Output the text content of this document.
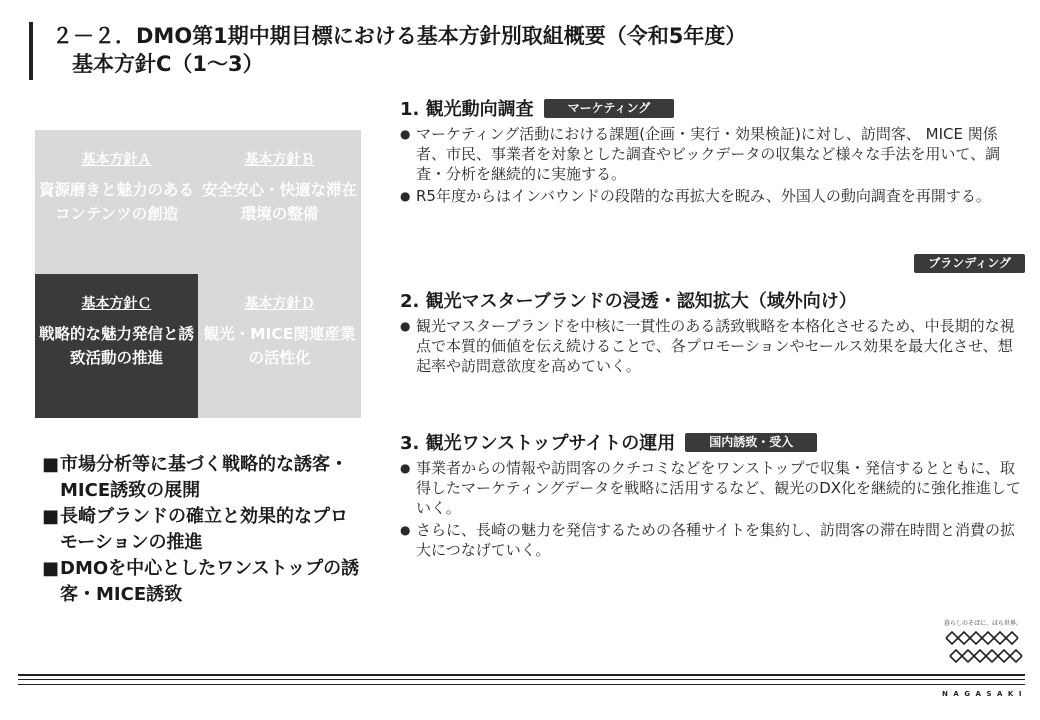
２－２．DMO第1期中期目標における基本方針別取組概要（令和5年度）
基本方針C（1〜3）
基本方針Ａ
資源磨きと魅力のあるコンテンツの創造
基本方針Ｂ
安全安心・快適な滞在環境の整備
基本方針Ｃ
戦略的な魅力発信と誘致活動の推進
基本方針Ｄ
観光・MICE関連産業の活性化
■ 市場分析等に基づく戦略的な誘客・MICE誘致の展開
■ 長崎ブランドの確立と効果的なプロモーションの推進
■ DMOを中心としたワンストップの誘客・MICE誘致
1. 観光動向調査	マーケティング
● マーケティング活動における課題(企画・実行・効果検証)に対し、訪問客、 MICE 関係者、市民、事業者を対象とした調査やビックデータの収集など様々な手法を用いて、調査・分析を継続的に実施する。
● R5年度からはインバウンドの段階的な再拡大を睨み、外国人の動向調査を再開する。
ブランディング
2. 観光マスターブランドの浸透・認知拡大（域外向け）
● 観光マスターブランドを中核に一貫性のある誘致戦略を本格化させるため、中長期的な視点で本質的価値を伝え続けることで、各プロモーションやセールス効果を最大化させ、想起率や訪問意欲度を高めていく。
3. 観光ワンストップサイトの運用	国内誘致・受入
● 事業者からの情報や訪問客のクチコミなどをワンストップで収集・発信するとともに、取得したマーケティングデータを戦略に活用するなど、観光のDX化を継続的に強化推進していく。
● さらに、長崎の魅力を発信するための各種サイトを集約し、訪問客の滞在時間と消費の拡大につなげていく。
暮らしのそばに、ほら世界。
NAGASAKI
